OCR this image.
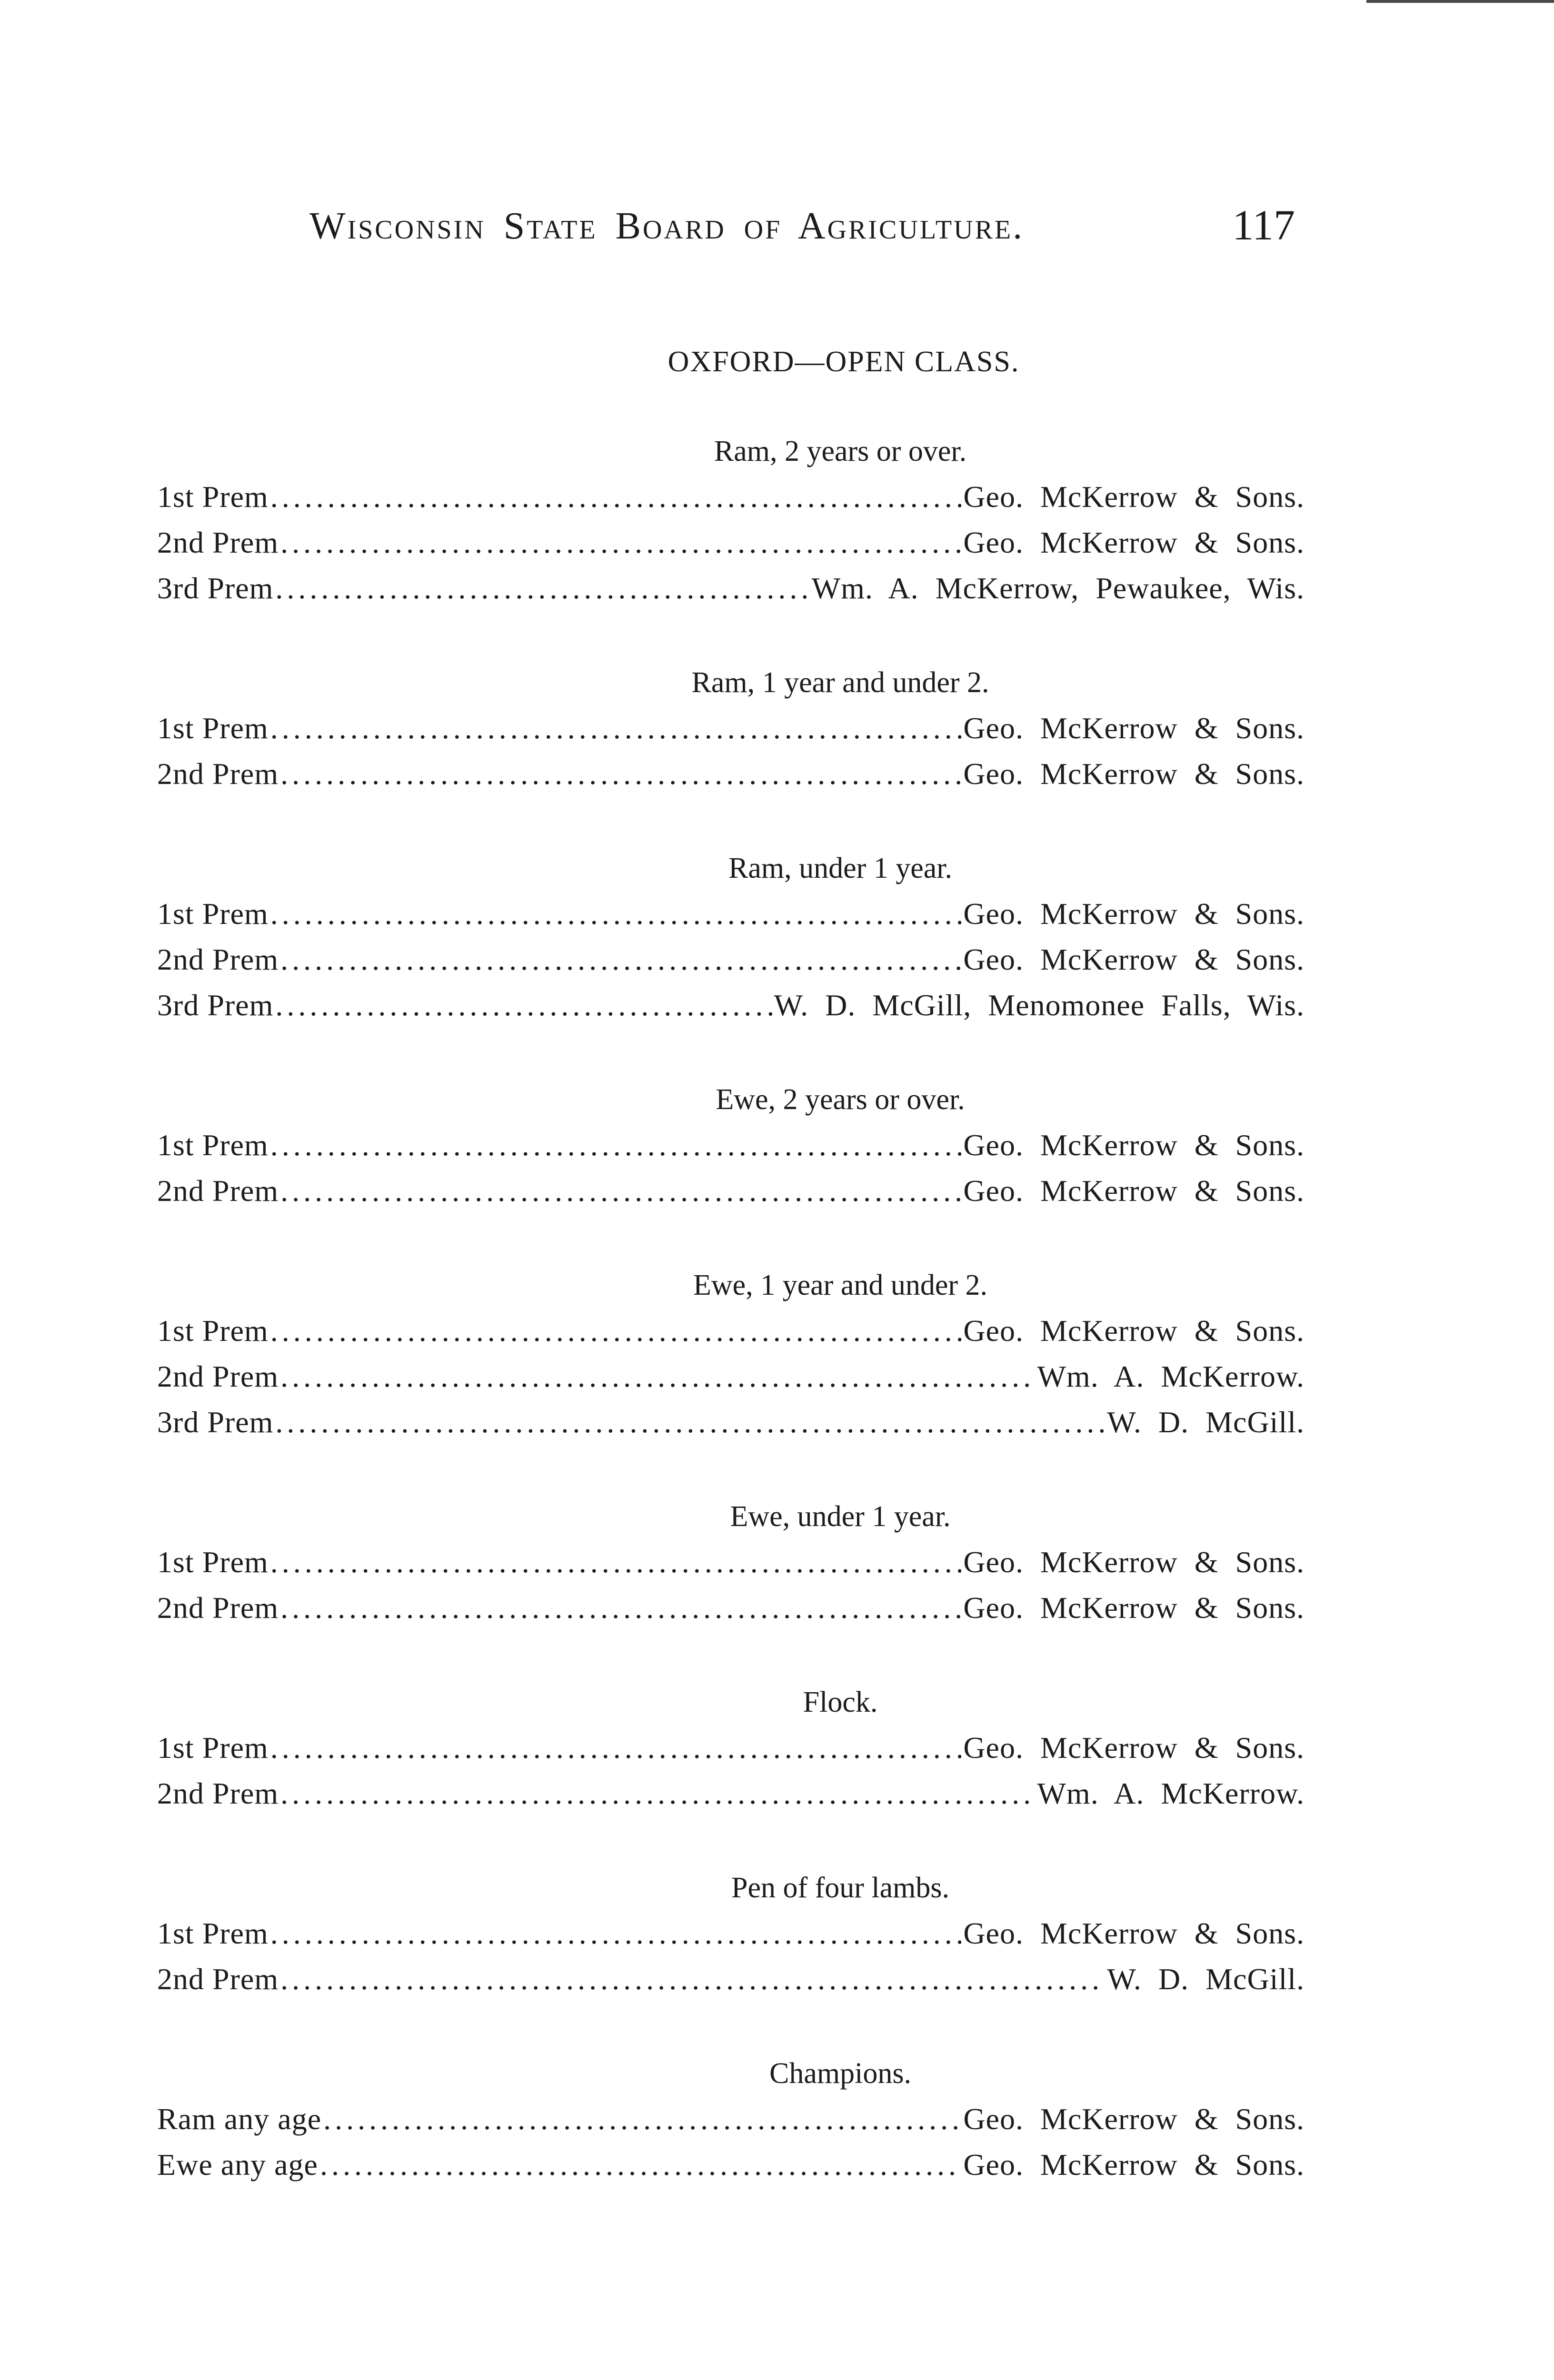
Wisconsin State Board of Agriculture.	117
OXFORD—OPEN CLASS.
Ram, 2 years or over.
1st Prem .....	Geo. McKerrow & Sons.
2nd Prem .....	Geo. McKerrow & Sons.
3rd Prem .....	Wm. A. McKerrow, Pewaukee, Wis.
Ram, 1 year and under 2.
1st Prem .....	Geo. McKerrow & Sons.
2nd Prem .....	Geo. McKerrow & Sons.
Ram, under 1 year.
1st Prem .....	Geo. McKerrow & Sons.
2nd Prem .....	Geo. McKerrow & Sons.
3rd Prem .....	W. D. McGill, Menomonee Falls, Wis.
Ewe, 2 years or over.
1st Prem .....	Geo. McKerrow & Sons.
2nd Prem .....	Geo. McKerrow & Sons.
Ewe, 1 year and under 2.
1st Prem .....	Geo. McKerrow & Sons.
2nd Prem .....	Wm. A. McKerrow.
3rd Prem .....	W. D. McGill.
Ewe, under 1 year.
1st Prem .....	Geo. McKerrow & Sons.
2nd Prem .....	Geo. McKerrow & Sons.
Flock.
1st Prem .....	Geo. McKerrow & Sons.
2nd Prem .....	Wm. A. McKerrow.
Pen of four lambs.
1st Prem .....	Geo. McKerrow & Sons.
2nd Prem .....	W. D. McGill.
Champions.
Ram any age .....	Geo. McKerrow & Sons.
Ewe any age .....	Geo. McKerrow & Sons.
